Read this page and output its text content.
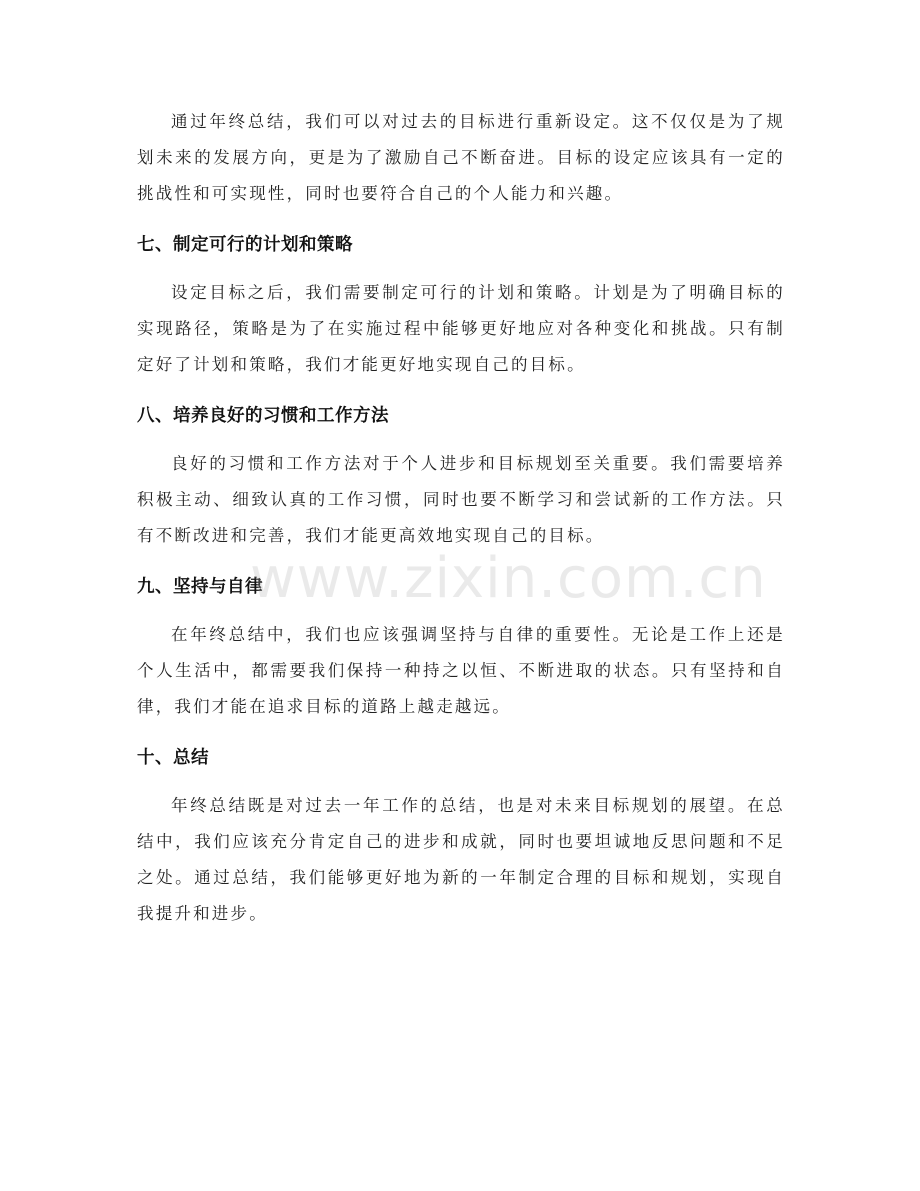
通过年终总结，我们可以对过去的目标进行重新设定。这不仅仅是为了规划未来的发展方向，更是为了激励自己不断奋进。目标的设定应该具有一定的挑战性和可实现性，同时也要符合自己的个人能力和兴趣。

七、制定可行的计划和策略

设定目标之后，我们需要制定可行的计划和策略。计划是为了明确目标的实现路径，策略是为了在实施过程中能够更好地应对各种变化和挑战。只有制定好了计划和策略，我们才能更好地实现自己的目标。

八、培养良好的习惯和工作方法

良好的习惯和工作方法对于个人进步和目标规划至关重要。我们需要培养积极主动、细致认真的工作习惯，同时也要不断学习和尝试新的工作方法。只有不断改进和完善，我们才能更高效地实现自己的目标。

九、坚持与自律

在年终总结中，我们也应该强调坚持与自律的重要性。无论是工作上还是个人生活中，都需要我们保持一种持之以恒、不断进取的状态。只有坚持和自律，我们才能在追求目标的道路上越走越远。

十、总结

年终总结既是对过去一年工作的总结，也是对未来目标规划的展望。在总结中，我们应该充分肯定自己的进步和成就，同时也要坦诚地反思问题和不足之处。通过总结，我们能够更好地为新的一年制定合理的目标和规划，实现自我提升和进步。

www.zixin.com.cn
